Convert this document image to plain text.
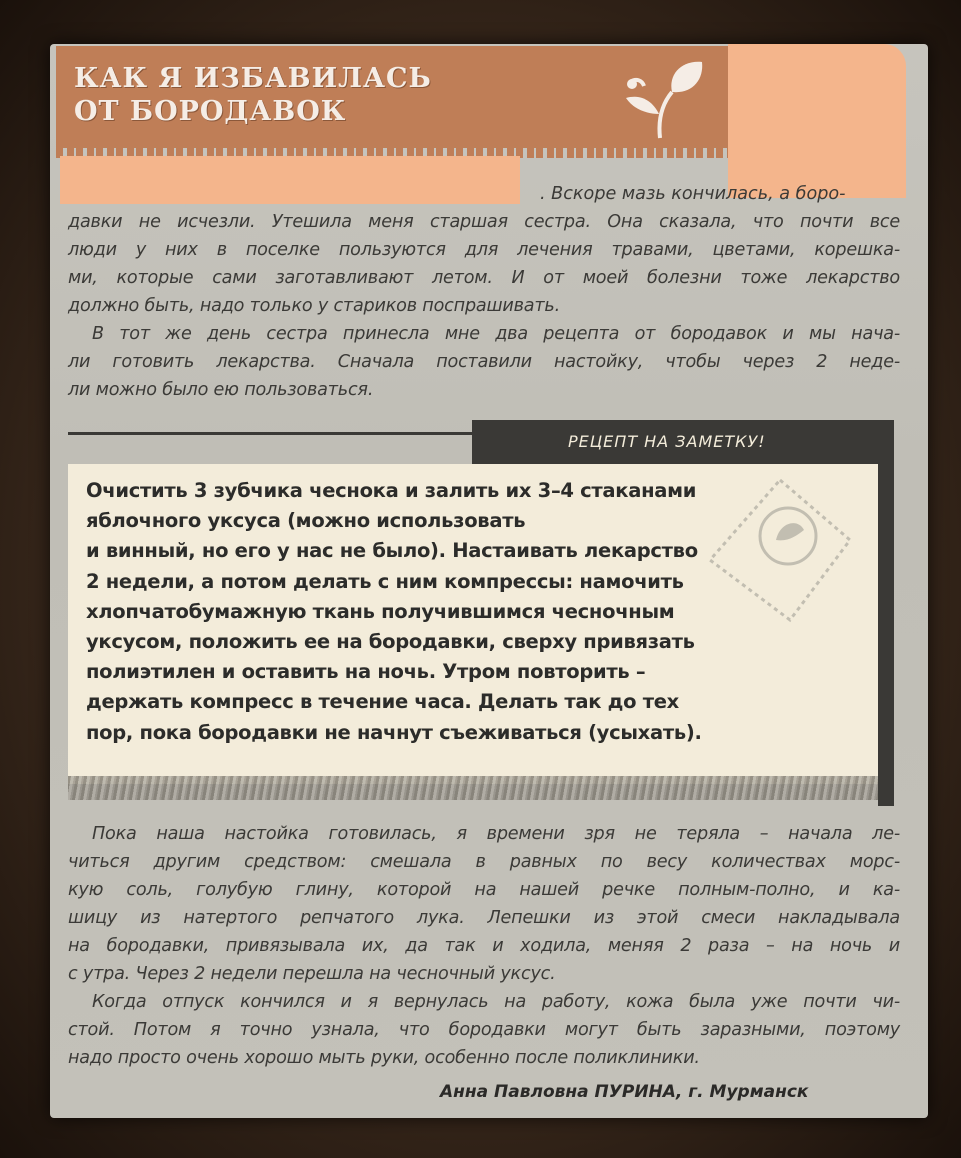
КАК Я ИЗБАВИЛАСЬ
ОТ БОРОДАВОК
. Вскоре мазь кончилась, а боро-
давки не исчезли. Утешила меня старшая сестра. Она сказала, что почти все
люди у них в поселке пользуются для лечения травами, цветами, корешка-
ми, которые сами заготавливают летом. И от моей болезни тоже лекарство
должно быть, надо только у стариков поспрашивать.
В тот же день сестра принесла мне два рецепта от бородавок и мы нача-
ли готовить лекарства. Сначала поставили настойку, чтобы через 2 неде-
ли можно было ею пользоваться.
РЕЦЕПТ НА ЗАМЕТКУ!
Очистить 3 зубчика чеснока и залить их 3–4 стаканами
яблочного уксуса (можно использовать
и винный, но его у нас не было). Настаивать лекарство
2 недели, а потом делать с ним компрессы: намочить
хлопчатобумажную ткань получившимся чесночным
уксусом, положить ее на бородавки, сверху привязать
полиэтилен и оставить на ночь. Утром повторить –
держать компресс в течение часа. Делать так до тех
пор, пока бородавки не начнут съеживаться (усыхать).
Пока наша настойка готовилась, я времени зря не теряла – начала ле-
читься другим средством: смешала в равных по весу количествах морс-
кую соль, голубую глину, которой на нашей речке полным-полно, и ка-
шицу из натертого репчатого лука. Лепешки из этой смеси накладывала
на бородавки, привязывала их, да так и ходила, меняя 2 раза – на ночь и
с утра. Через 2 недели перешла на чесночный уксус.
Когда отпуск кончился и я вернулась на работу, кожа была уже почти чи-
стой. Потом я точно узнала, что бородавки могут быть заразными, поэтому
надо просто очень хорошо мыть руки, особенно после поликлиники.
Анна Павловна ПУРИНА, г. Мурманск
